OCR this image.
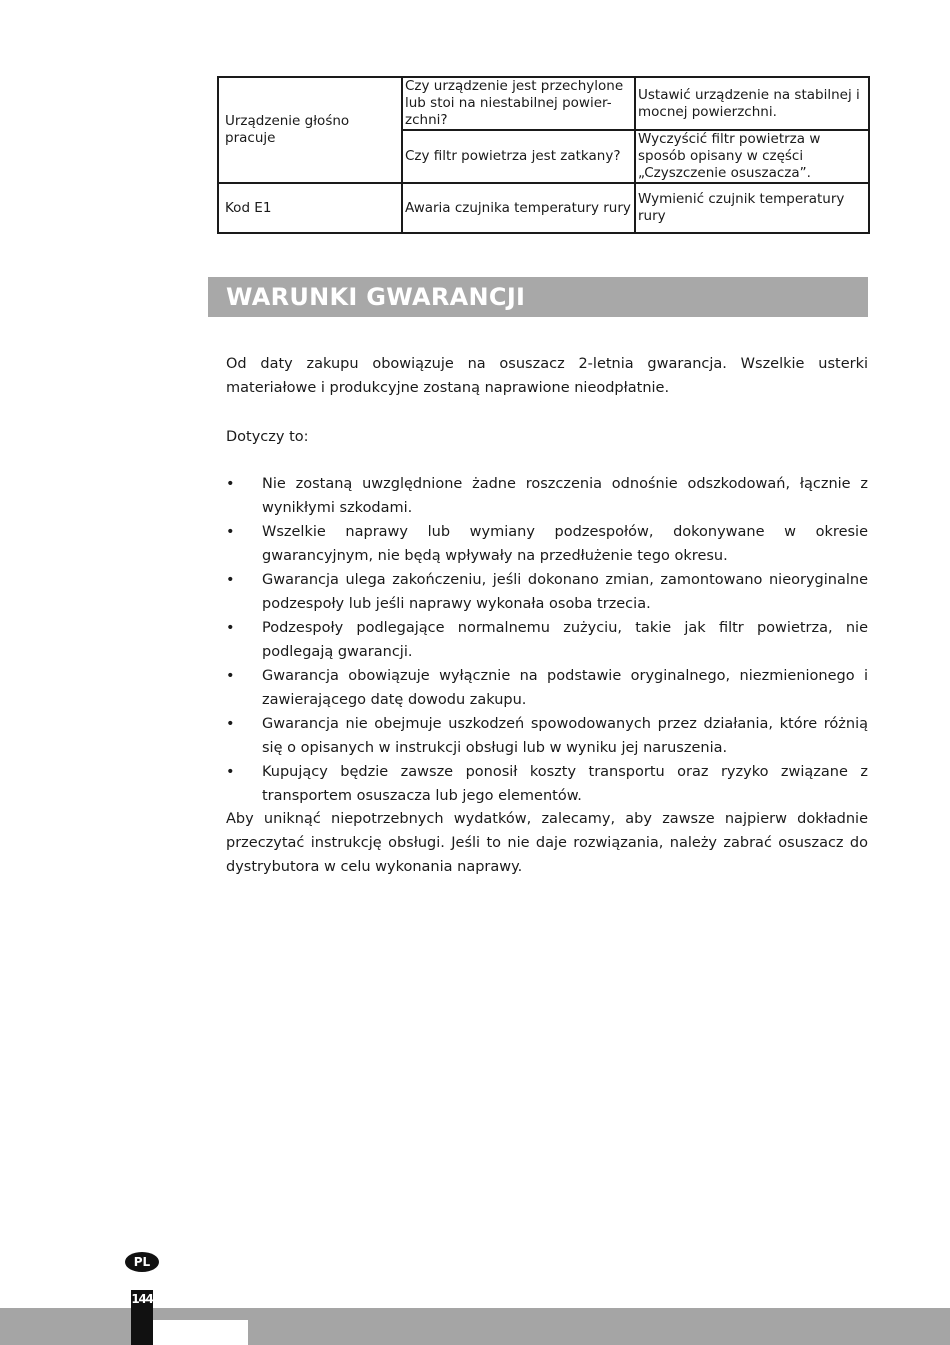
Urządzenie głośno pracuje	Czy urządzenie jest przechylone lub stoi na niestabilnej powier-zchni?	Ustawić urządzenie na stabilnej i mocnej powierzchni.
	Czy filtr powietrza jest zatkany?	Wyczyścić filtr powietrza w sposób opisany w części „Czyszczenie osuszacza”.
Kod E1	Awaria czujnika temperatury rury	Wymienić czujnik temperatury rury
WARUNKI GWARANCJI
Od daty zakupu obowiązuje na osuszacz 2-letnia gwarancja. Wszelkie usterki materiałowe i produkcyjne zostaną naprawione nieodpłatnie.
Dotyczy to:
• Nie zostaną uwzględnione żadne roszczenia odnośnie odszkodowań, łącznie z wynikłymi szkodami.
• Wszelkie naprawy lub wymiany podzespołów, dokonywane w okresie gwarancyjnym, nie będą wpływały na przedłużenie tego okresu.
• Gwarancja ulega zakończeniu, jeśli dokonano zmian, zamontowano nieoryginalne podzespoły lub jeśli naprawy wykonała osoba trzecia.
• Podzespoły podlegające normalnemu zużyciu, takie jak filtr powietrza, nie podlegają gwarancji.
• Gwarancja obowiązuje wyłącznie na podstawie oryginalnego, niezmienionego i zawierającego datę dowodu zakupu.
• Gwarancja nie obejmuje uszkodzeń spowodowanych przez działania, które różnią się o opisanych w instrukcji obsługi lub w wyniku jej naruszenia.
• Kupujący będzie zawsze ponosił koszty transportu oraz ryzyko związane z transportem osuszacza lub jego elementów.
Aby uniknąć niepotrzebnych wydatków, zalecamy, aby zawsze najpierw dokładnie przeczytać instrukcję obsługi. Jeśli to nie daje rozwiązania, należy zabrać osuszacz do dystrybutora w celu wykonania naprawy.
PL
144
